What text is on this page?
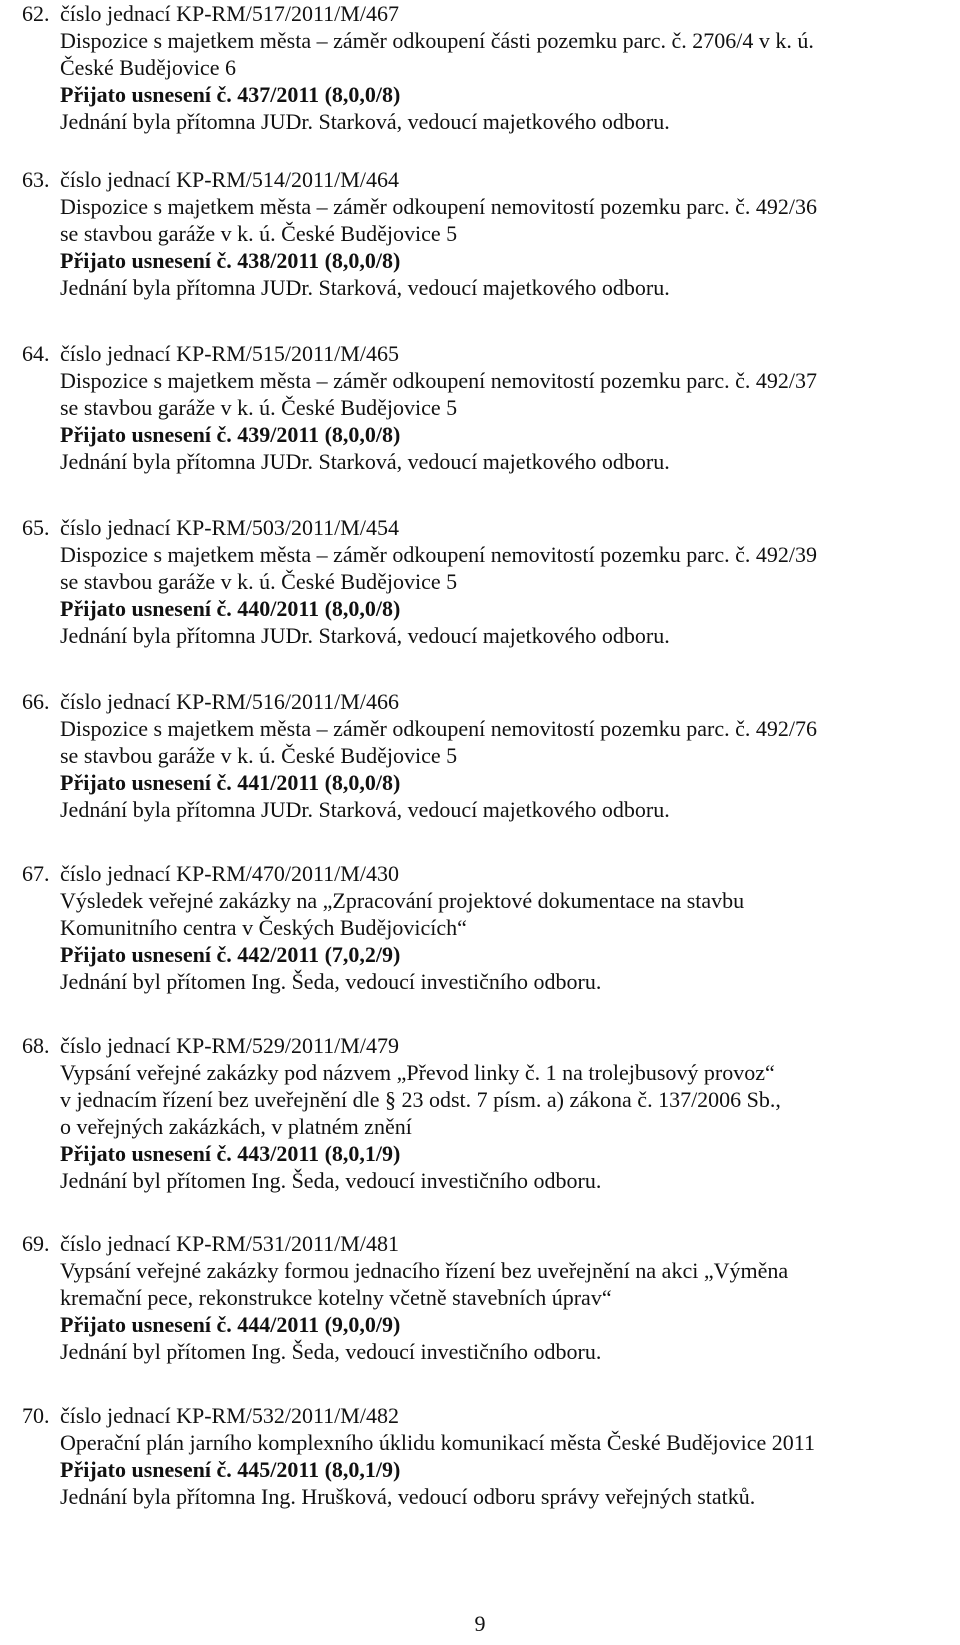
62. číslo jednací KP-RM/517/2011/M/467
Dispozice s majetkem města – záměr odkoupení části pozemku parc. č. 2706/4 v k. ú.
České Budějovice 6
Přijato usnesení č. 437/2011 (8,0,0/8)
Jednání byla přítomna JUDr. Starková, vedoucí majetkového odboru.
63. číslo jednací KP-RM/514/2011/M/464
Dispozice s majetkem města – záměr odkoupení nemovitostí pozemku parc. č. 492/36
se stavbou garáže v k. ú. České Budějovice 5
Přijato usnesení č. 438/2011 (8,0,0/8)
Jednání byla přítomna JUDr. Starková, vedoucí majetkového odboru.
64. číslo jednací KP-RM/515/2011/M/465
Dispozice s majetkem města – záměr odkoupení nemovitostí pozemku parc. č. 492/37
se stavbou garáže v k. ú. České Budějovice 5
Přijato usnesení č. 439/2011 (8,0,0/8)
Jednání byla přítomna JUDr. Starková, vedoucí majetkového odboru.
65. číslo jednací KP-RM/503/2011/M/454
Dispozice s majetkem města – záměr odkoupení nemovitostí pozemku parc. č. 492/39
se stavbou garáže v k. ú. České Budějovice 5
Přijato usnesení č. 440/2011 (8,0,0/8)
Jednání byla přítomna JUDr. Starková, vedoucí majetkového odboru.
66. číslo jednací KP-RM/516/2011/M/466
Dispozice s majetkem města – záměr odkoupení nemovitostí pozemku parc. č. 492/76
se stavbou garáže v k. ú. České Budějovice 5
Přijato usnesení č. 441/2011 (8,0,0/8)
Jednání byla přítomna JUDr. Starková, vedoucí majetkového odboru.
67. číslo jednací KP-RM/470/2011/M/430
Výsledek veřejné zakázky na „Zpracování projektové dokumentace na stavbu
Komunitního centra v Českých Budějovicích“
Přijato usnesení č. 442/2011 (7,0,2/9)
Jednání byl přítomen Ing. Šeda, vedoucí investičního odboru.
68. číslo jednací KP-RM/529/2011/M/479
Vypsání veřejné zakázky pod názvem „Převod linky č. 1 na trolejbusový provoz“
v jednacím řízení bez uveřejnění dle § 23 odst. 7 písm. a) zákona č. 137/2006 Sb.,
o veřejných zakázkách, v platném znění
Přijato usnesení č. 443/2011 (8,0,1/9)
Jednání byl přítomen Ing. Šeda, vedoucí investičního odboru.
69. číslo jednací KP-RM/531/2011/M/481
Vypsání veřejné zakázky formou jednacího řízení bez uveřejnění na akci „Výměna
kremační pece, rekonstrukce kotelny včetně stavebních úprav“
Přijato usnesení č. 444/2011 (9,0,0/9)
Jednání byl přítomen Ing. Šeda, vedoucí investičního odboru.
70. číslo jednací KP-RM/532/2011/M/482
Operační plán jarního komplexního úklidu komunikací města České Budějovice 2011
Přijato usnesení č. 445/2011 (8,0,1/9)
Jednání byla přítomna Ing. Hrušková, vedoucí odboru správy veřejných statků.
9
